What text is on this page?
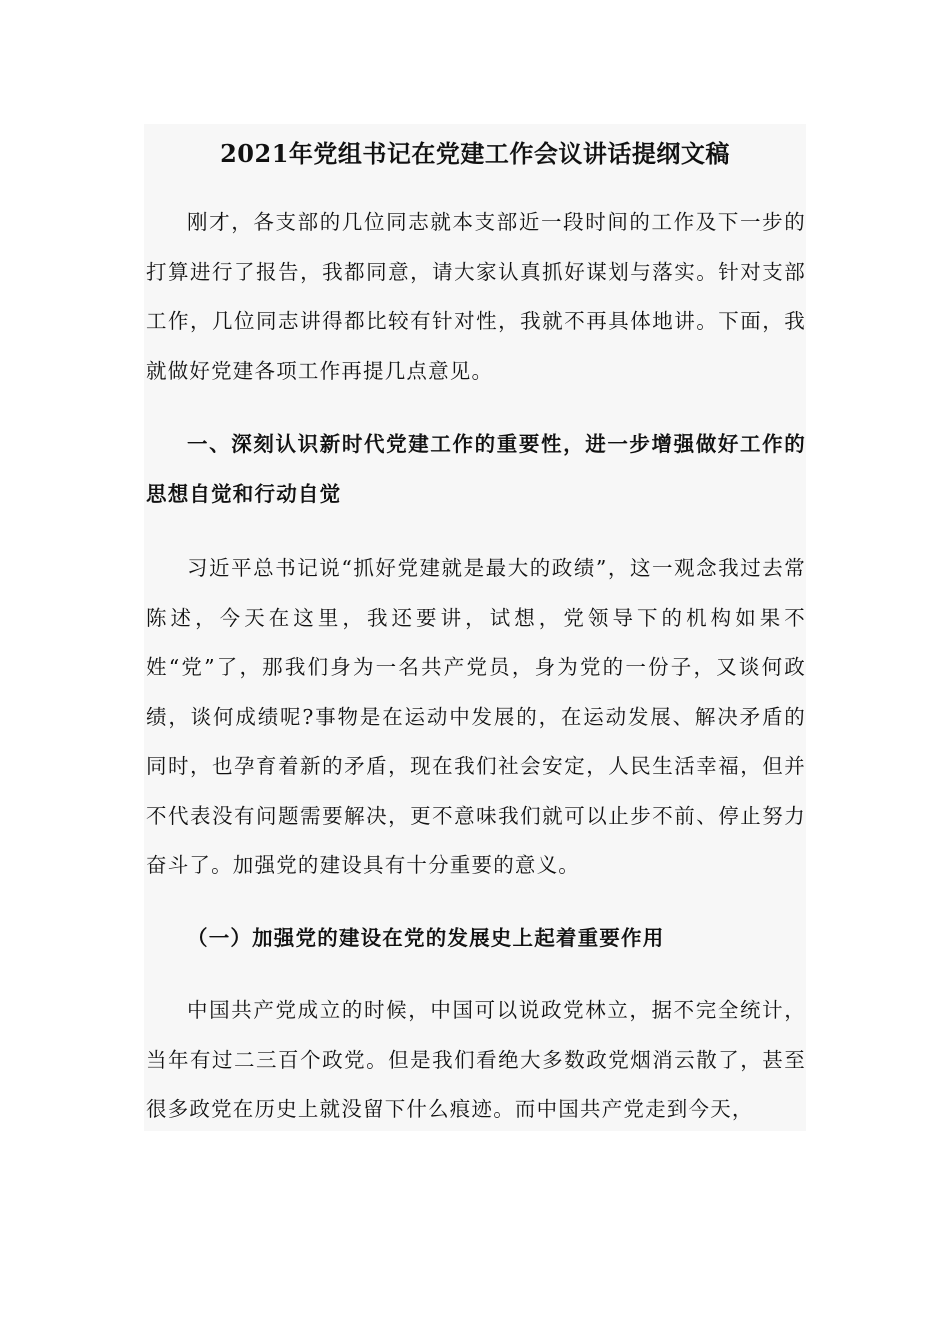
2021年党组书记在党建工作会议讲话提纲文稿

刚才，各支部的几位同志就本支部近一段时间的工作及下一步的打算进行了报告，我都同意，请大家认真抓好谋划与落实。针对支部工作，几位同志讲得都比较有针对性，我就不再具体地讲。下面，我就做好党建各项工作再提几点意见。

一、深刻认识新时代党建工作的重要性，进一步增强做好工作的思想自觉和行动自觉

习近平总书记说“抓好党建就是最大的政绩”，这一观念我过去常陈述，今天在这里，我还要讲，试想，党领导下的机构如果不姓“党”了，那我们身为一名共产党员，身为党的一份子，又谈何政绩，谈何成绩呢?事物是在运动中发展的，在运动发展、解决矛盾的同时，也孕育着新的矛盾，现在我们社会安定，人民生活幸福，但并不代表没有问题需要解决，更不意味我们就可以止步不前、停止努力奋斗了。加强党的建设具有十分重要的意义。

（一）加强党的建设在党的发展史上起着重要作用

中国共产党成立的时候，中国可以说政党林立，据不完全统计，当年有过二三百个政党。但是我们看绝大多数政党烟消云散了，甚至很多政党在历史上就没留下什么痕迹。而中国共产党走到今天，
